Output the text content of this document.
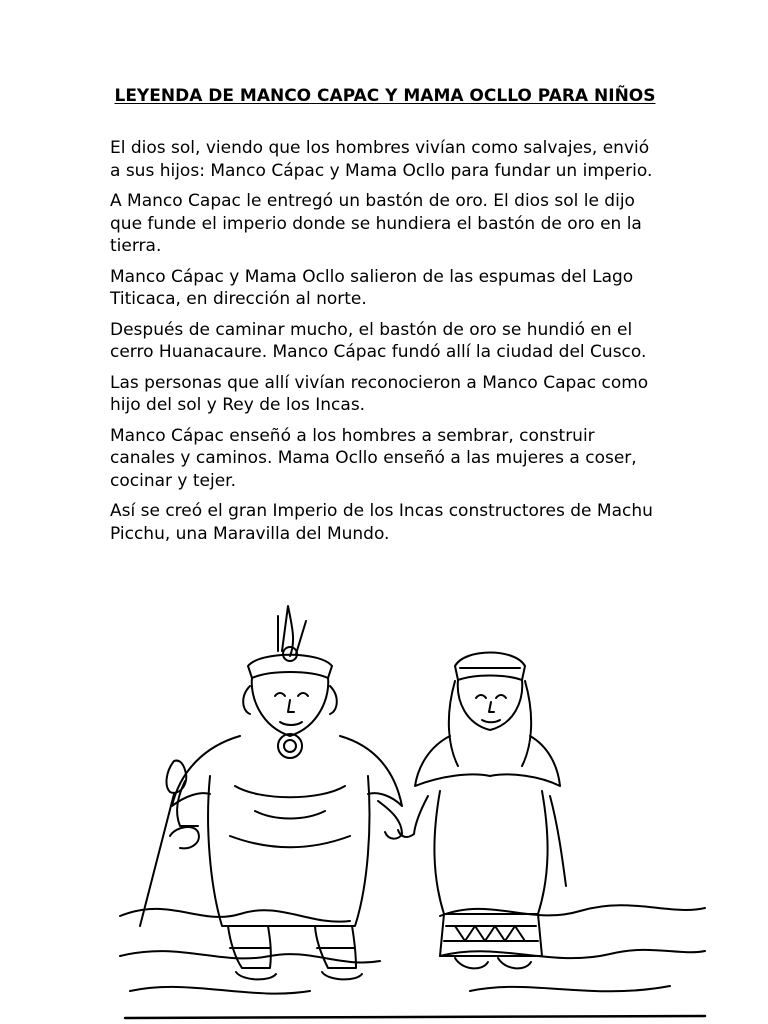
LEYENDA DE MANCO CAPAC Y MAMA OCLLO PARA NIÑOS

El dios sol, viendo que los hombres vivían como salvajes, envió a sus hijos: Manco Cápac y Mama Ocllo para fundar un imperio.

A Manco Capac le entregó un bastón de oro. El dios sol le dijo que funde el imperio donde se hundiera el bastón de oro en la tierra.

Manco Cápac y Mama Ocllo salieron de las espumas del Lago Titicaca, en dirección al norte.

Después de caminar mucho, el bastón de oro se hundió en el cerro Huanacaure. Manco Cápac fundó allí la ciudad del Cusco.

Las personas que allí vivían reconocieron a Manco Capac como hijo del sol y Rey de los Incas.

Manco Cápac enseñó a los hombres a sembrar, construir canales y caminos. Mama Ocllo enseñó a las mujeres a coser, cocinar y tejer.

Así se creó el gran Imperio de los Incas constructores de Machu Picchu, una Maravilla del Mundo.
